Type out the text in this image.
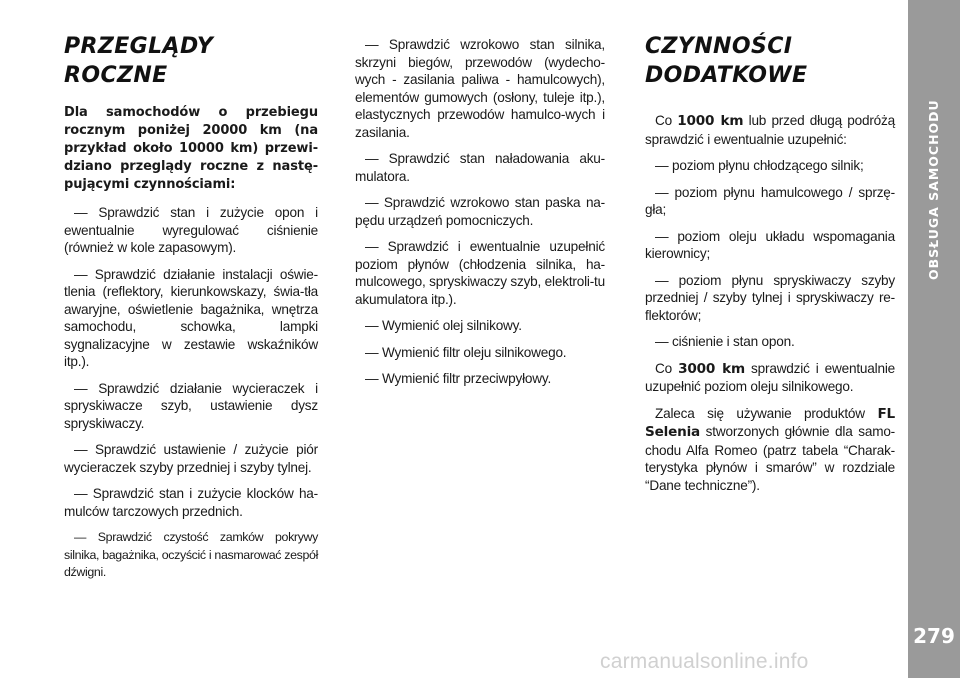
PRZEGLĄDY ROCZNE
Dla samochodów o przebiegu rocznym poniżej 20000 km (na przykład około 10000 km) przewi-dziano przeglądy roczne z nastę-pującymi czynnościami:

— Sprawdzić stan i zużycie opon i ewentualnie wyregulować ciśnienie (również w kole zapasowym).

— Sprawdzić działanie instalacji oświe-tlenia (reflektory, kierunkowskazy, świa-tła awaryjne, oświetlenie bagażnika, wnętrza samochodu, schowka, lampki sygnalizacyjne w zestawie wskaźników itp.).

— Sprawdzić działanie wycieraczek i spryskiwacze szyb, ustawienie dysz spryskiwaczy.

— Sprawdzić ustawienie / zużycie piór wycieraczek szyby przedniej i szyby tylnej.

— Sprawdzić stan i zużycie klocków ha-mulców tarczowych przednich.

— Sprawdzić czystość zamków pokrywy silnika, bagażnika, oczyścić i nasmarować zespół dźwigni.

— Sprawdzić wzrokowo stan silnika, skrzyni biegów, przewodów (wydecho-wych - zasilania paliwa - hamulcowych), elementów gumowych (osłony, tuleje itp.), elastycznych przewodów hamulco-wych i zasilania.

— Sprawdzić stan naładowania aku-mulatora.

— Sprawdzić wzrokowo stan paska na-pędu urządzeń pomocniczych.

— Sprawdzić i ewentualnie uzupełnić poziom płynów (chłodzenia silnika, ha-mulcowego, spryskiwaczy szyb, elektroli-tu akumulatora itp.).

— Wymienić olej silnikowy.

— Wymienić filtr oleju silnikowego.

— Wymienić filtr przeciwpyłowy.

CZYNNOŚCI
DODATKOWE

Co 1000 km lub przed długą podróżą sprawdzić i ewentualnie uzupełnić:

— poziom płynu chłodzącego silnik;

— poziom płynu hamulcowego / sprzę-gła;

— poziom oleju układu wspomagania kierownicy;

— poziom płynu spryskiwaczy szyby przedniej / szyby tylnej i spryskiwaczy re-flektorów;

— ciśnienie i stan opon.

Co 3000 km sprawdzić i ewentualnie uzupełnić poziom oleju silnikowego.

Zaleca się używanie produktów FL Selenia stworzonych głównie dla samo-chodu Alfa Romeo (patrz tabela “Charak-terystyka płynów i smarów” w rozdziale “Dane techniczne”).

279
carmanualsonline.info
